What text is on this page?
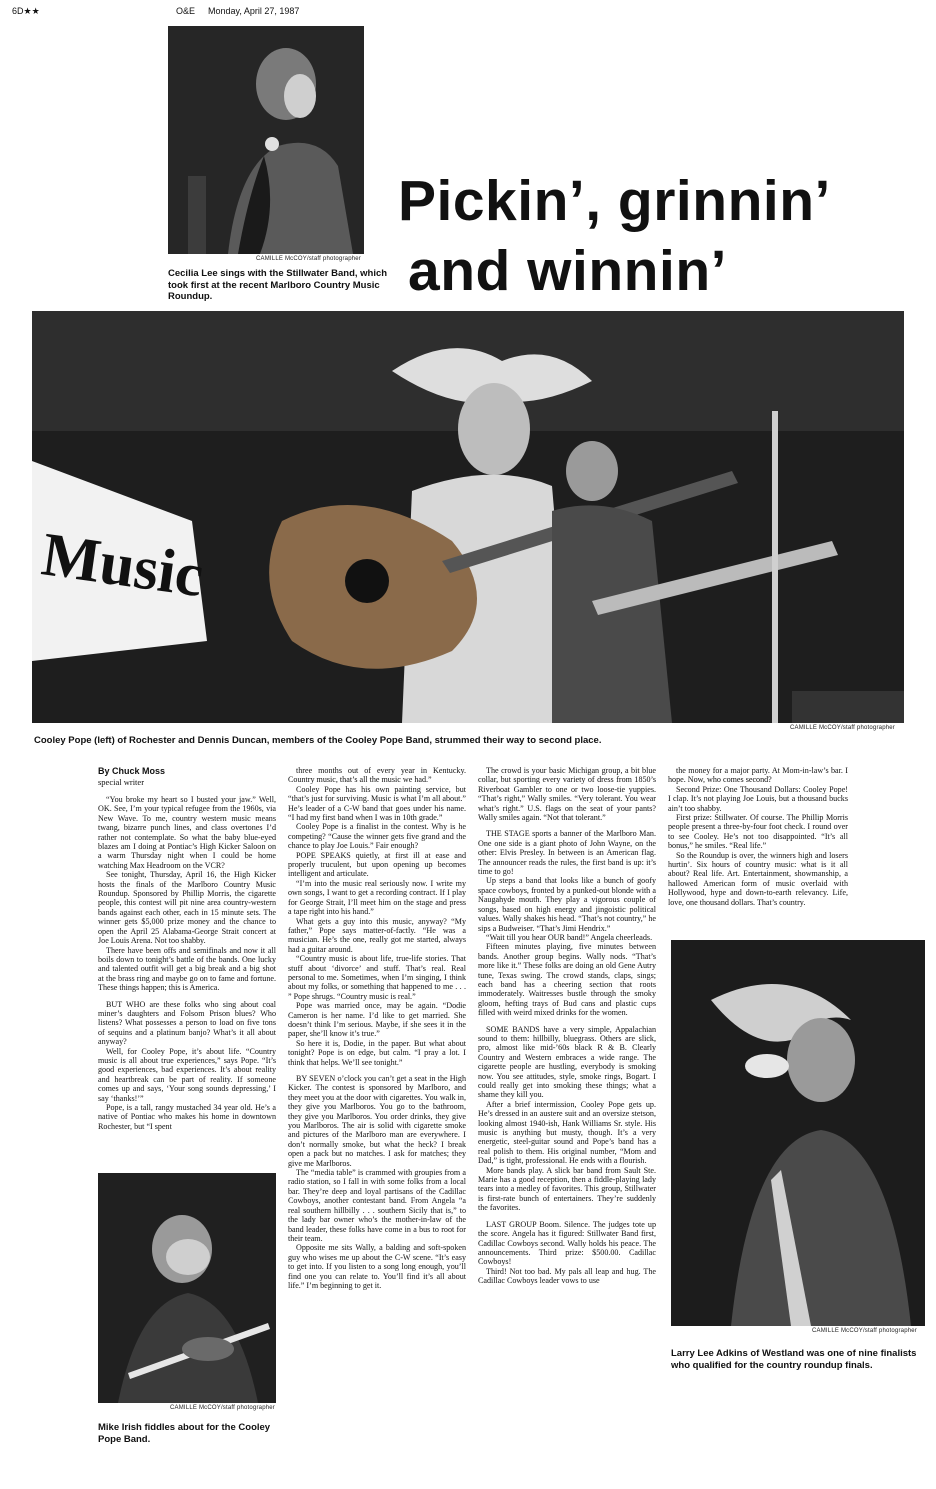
6D★★	O&E Monday, April 27, 1987
CAMILLE McCOY/staff photographer
Cecilia Lee sings with the Stillwater Band, which took first at the recent Marlboro Country Music Roundup.
Pickin’, grinnin’
and winnin’
Music
CAMILLE McCOY/staff photographer
Cooley Pope (left) of Rochester and Dennis Duncan, members of the Cooley Pope Band, strummed their way to second place.
By Chuck Moss
special writer

“You broke my heart so I busted your jaw.” Well, OK. See, I’m your typical refugee from the 1960s, via New Wave. To me, country western music means twang, bizarre punch lines, and class overtones I’d rather not contemplate. So what the baby blue-eyed blazes am I doing at Pontiac’s High Kicker Saloon on a warm Thursday night when I could be home watching Max Headroom on the VCR?

See tonight, Thursday, April 16, the High Kicker hosts the finals of the Marlboro Country Music Roundup. Sponsored by Phillip Morris, the cigarette people, this contest will pit nine area country-western bands against each other, each in 15 minute sets. The winner gets $5,000 prize money and the chance to open the April 25 Alabama-George Strait concert at Joe Louis Arena. Not too shabby.

There have been offs and semifinals and now it all boils down to tonight’s battle of the bands. One lucky and talented outfit will get a big break and a big shot at the brass ring and maybe go on to fame and fortune. These things happen; this is America.

BUT WHO are these folks who sing about coal miner’s daughters and Folsom Prison blues? Who listens? What possesses a person to load on five tons of sequins and a platinum banjo? What’s it all about anyway?

Well, for Cooley Pope, it’s about life. “Country music is all about true experiences,” says Pope. “It’s good experiences, bad experiences. It’s about reality and heartbreak can be part of reality. If someone comes up and says, ‘Your song sounds depressing,’ I say ‘thanks!’”

Pope, is a tall, rangy mustached 34 year old. He’s a native of Pontiac who makes his home in downtown Rochester, but “I spent

CAMILLE McCOY/staff photographer
Mike Irish fiddles about for the Cooley Pope Band.

three months out of every year in Kentucky. Country music, that’s all the music we had.”

Cooley Pope has his own painting service, but “that’s just for surviving. Music is what I’m all about.” He’s leader of a C-W band that goes under his name. “I had my first band when I was in 10th grade.”

Cooley Pope is a finalist in the contest. Why is he competing? “Cause the winner gets five grand and the chance to play Joe Louis.” Fair enough?

POPE SPEAKS quietly, at first ill at ease and properly truculent, but upon opening up becomes intelligent and articulate.

“I’m into the music real seriously now. I write my own songs, I want to get a recording contract. If I play for George Strait, I’ll meet him on the stage and press a tape right into his hand.”

What gets a guy into this music, anyway? “My father,” Pope says matter-of-factly. “He was a musician. He’s the one, really got me started, always had a guitar around.

“Country music is about life, true-life stories. That stuff about ‘divorce’ and stuff. That’s real. Real personal to me. Sometimes, when I’m singing, I think about my folks, or something that happened to me . . . ” Pope shrugs. “Country music is real.”

Pope was married once, may be again. “Dodie Cameron is her name. I’d like to get married. She doesn’t think I’m serious. Maybe, if she sees it in the paper, she’ll know it’s true.”

So here it is, Dodie, in the paper. But what about tonight? Pope is on edge, but calm. “I pray a lot. I think that helps. We’ll see tonight.”

BY SEVEN o’clock you can’t get a seat in the High Kicker. The contest is sponsored by Marlboro, and they meet you at the door with cigarettes. You walk in, they give you Marlboros. You go to the bathroom, they give you Marlboros. You order drinks, they give you Marlboros. The air is solid with cigarette smoke and pictures of the Marlboro man are everywhere. I don’t normally smoke, but what the heck? I break open a pack but no matches. I ask for matches; they give me Marlboros.

The “media table” is crammed with groupies from a radio station, so I fall in with some folks from a local bar. They’re deep and loyal partisans of the Cadillac Cowboys, another contestant band. From Angela “a real southern hillbilly . . . southern Sicily that is,” to the lady bar owner who’s the mother-in-law of the band leader, these folks have come in a bus to root for their team.

Opposite me sits Wally, a balding and soft-spoken guy who wises me up about the C-W scene. “It’s easy to get into. If you listen to a song long enough, you’ll find one you can relate to. You’ll find it’s all about life.” I’m beginning to get it.

The crowd is your basic Michigan group, a bit blue collar, but sporting every variety of dress from 1850’s Riverboat Gambler to one or two loose-tie yuppies. “That’s right,” Wally smiles. “Very tolerant. You wear what’s right.” U.S. flags on the seat of your pants? Wally smiles again. “Not that tolerant.”

THE STAGE sports a banner of the Marlboro Man. One one side is a giant photo of John Wayne, on the other: Elvis Presley. In between is an American flag. The announcer reads the rules, the first band is up: it’s time to go!

Up steps a band that looks like a bunch of goofy space cowboys, fronted by a punked-out blonde with a Naugahyde mouth. They play a vigorous couple of songs, based on high energy and jingoistic political values. Wally shakes his head. “That’s not country,” he sips a Budweiser. “That’s Jimi Hendrix.”

“Wait till you hear OUR band!” Angela cheerleads.

Fifteen minutes playing, five minutes between bands. Another group begins. Wally nods. “That’s more like it.” These folks are doing an old Gene Autry tune, Texas swing. The crowd stands, claps, sings; each band has a cheering section that roots immoderately. Waitresses bustle through the smoky gloom, hefting trays of Bud cans and plastic cups filled with weird mixed drinks for the women.

SOME BANDS have a very simple, Appalachian sound to them: hillbilly, bluegrass. Others are slick, pro, almost like mid-’60s black R & B. Clearly Country and Western embraces a wide range. The cigarette people are hustling, everybody is smoking now. You see attitudes, style, smoke rings, Bogart. I could really get into smoking these things; what a shame they kill you.

After a brief intermission, Cooley Pope gets up. He’s dressed in an austere suit and an oversize stetson, looking almost 1940-ish, Hank Williams Sr. style. His music is anything but musty, though. It’s a very energetic, steel-guitar sound and Pope’s band has a real polish to them. His original number, “Mom and Dad,” is tight, professional. He ends with a flourish.

More bands play. A slick bar band from Sault Ste. Marie has a good reception, then a fiddle-playing lady tears into a medley of favorites. This group, Stillwater is first-rate bunch of entertainers. They’re suddenly the favorites.

LAST GROUP Boom. Silence. The judges tote up the score. Angela has it figured: Stillwater Band first, Cadillac Cowboys second. Wally holds his peace. The announcements. Third prize: $500.00. Cadillac Cowboys!

Third! Not too bad. My pals all leap and hug. The Cadillac Cowboys leader vows to use

the money for a major party. At Mom-in-law’s bar. I hope. Now, who comes second?

Second Prize: One Thousand Dollars: Cooley Pope! I clap. It’s not playing Joe Louis, but a thousand bucks ain’t too shabby.

First prize: Stillwater. Of course. The Phillip Morris people present a three-by-four foot check. I round over to see Cooley. He’s not too disappointed. “It’s all bonus,” he smiles. “Real life.”

So the Roundup is over, the winners high and losers hurtin’. Six hours of country music: what is it all about? Real life. Art. Entertainment, showmanship, a hallowed American form of music overlaid with Hollywood, hype and down-to-earth relevancy. Life, love, one thousand dollars. That’s country.

CAMILLE McCOY/staff photographer
Larry Lee Adkins of Westland was one of nine finalists who qualified for the country roundup finals.
